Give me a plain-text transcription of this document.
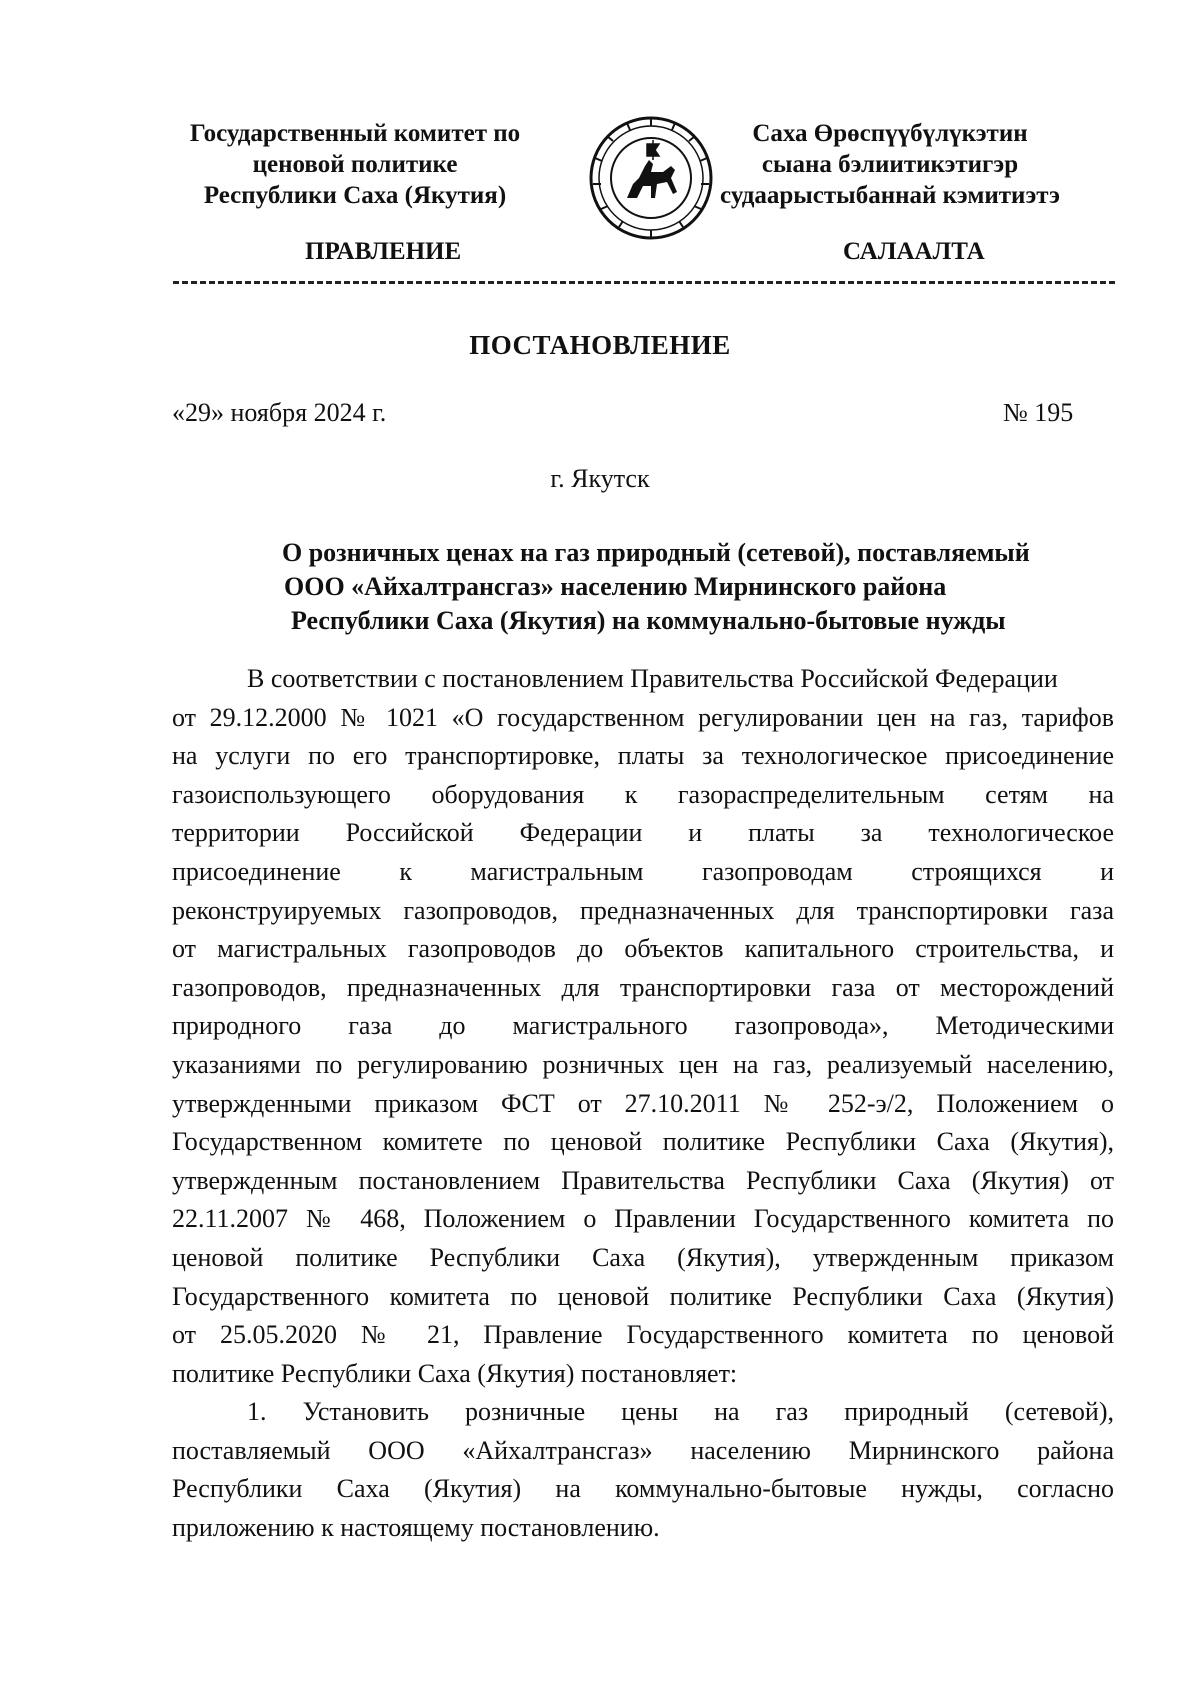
Государственный комитет по
ценовой политике
Республики Саха (Якутия)
Саха Өрөспүүбүлүкэтин
сыана бэлиитикэтигэр
судаарыстыбаннай кэмитиэтэ
ПРАВЛЕНИЕ	САЛААЛТА
ПОСТАНОВЛЕНИЕ
«29» ноября 2024 г.	№ 195
г. Якутск
О розничных ценах на газ природный (сетевой), поставляемый
ООО «Айхалтрансгаз» населению Мирнинского района
Республики Саха (Якутия) на коммунально-бытовые нужды
В соответствии с постановлением Правительства Российской Федерации
от 29.12.2000 № 1021 «О государственном регулировании цен на газ, тарифов
на услуги по его транспортировке, платы за технологическое присоединение
газоиспользующего оборудования к газораспределительным сетям на
территории Российской Федерации и платы за технологическое
присоединение к магистральным газопроводам строящихся и
реконструируемых газопроводов, предназначенных для транспортировки газа
от магистральных газопроводов до объектов капитального строительства, и
газопроводов, предназначенных для транспортировки газа от месторождений
природного газа до магистрального газопровода», Методическими
указаниями по регулированию розничных цен на газ, реализуемый населению,
утвержденными приказом ФСТ от 27.10.2011 № 252-э/2, Положением о
Государственном комитете по ценовой политике Республики Саха (Якутия),
утвержденным постановлением Правительства Республики Саха (Якутия) от
22.11.2007 № 468, Положением о Правлении Государственного комитета по
ценовой политике Республики Саха (Якутия), утвержденным приказом
Государственного комитета по ценовой политике Республики Саха (Якутия)
от 25.05.2020 № 21, Правление Государственного комитета по ценовой
политике Республики Саха (Якутия) постановляет:
1. Установить розничные цены на газ природный (сетевой),
поставляемый ООО «Айхалтрансгаз» населению Мирнинского района
Республики Саха (Якутия) на коммунально-бытовые нужды, согласно
приложению к настоящему постановлению.
